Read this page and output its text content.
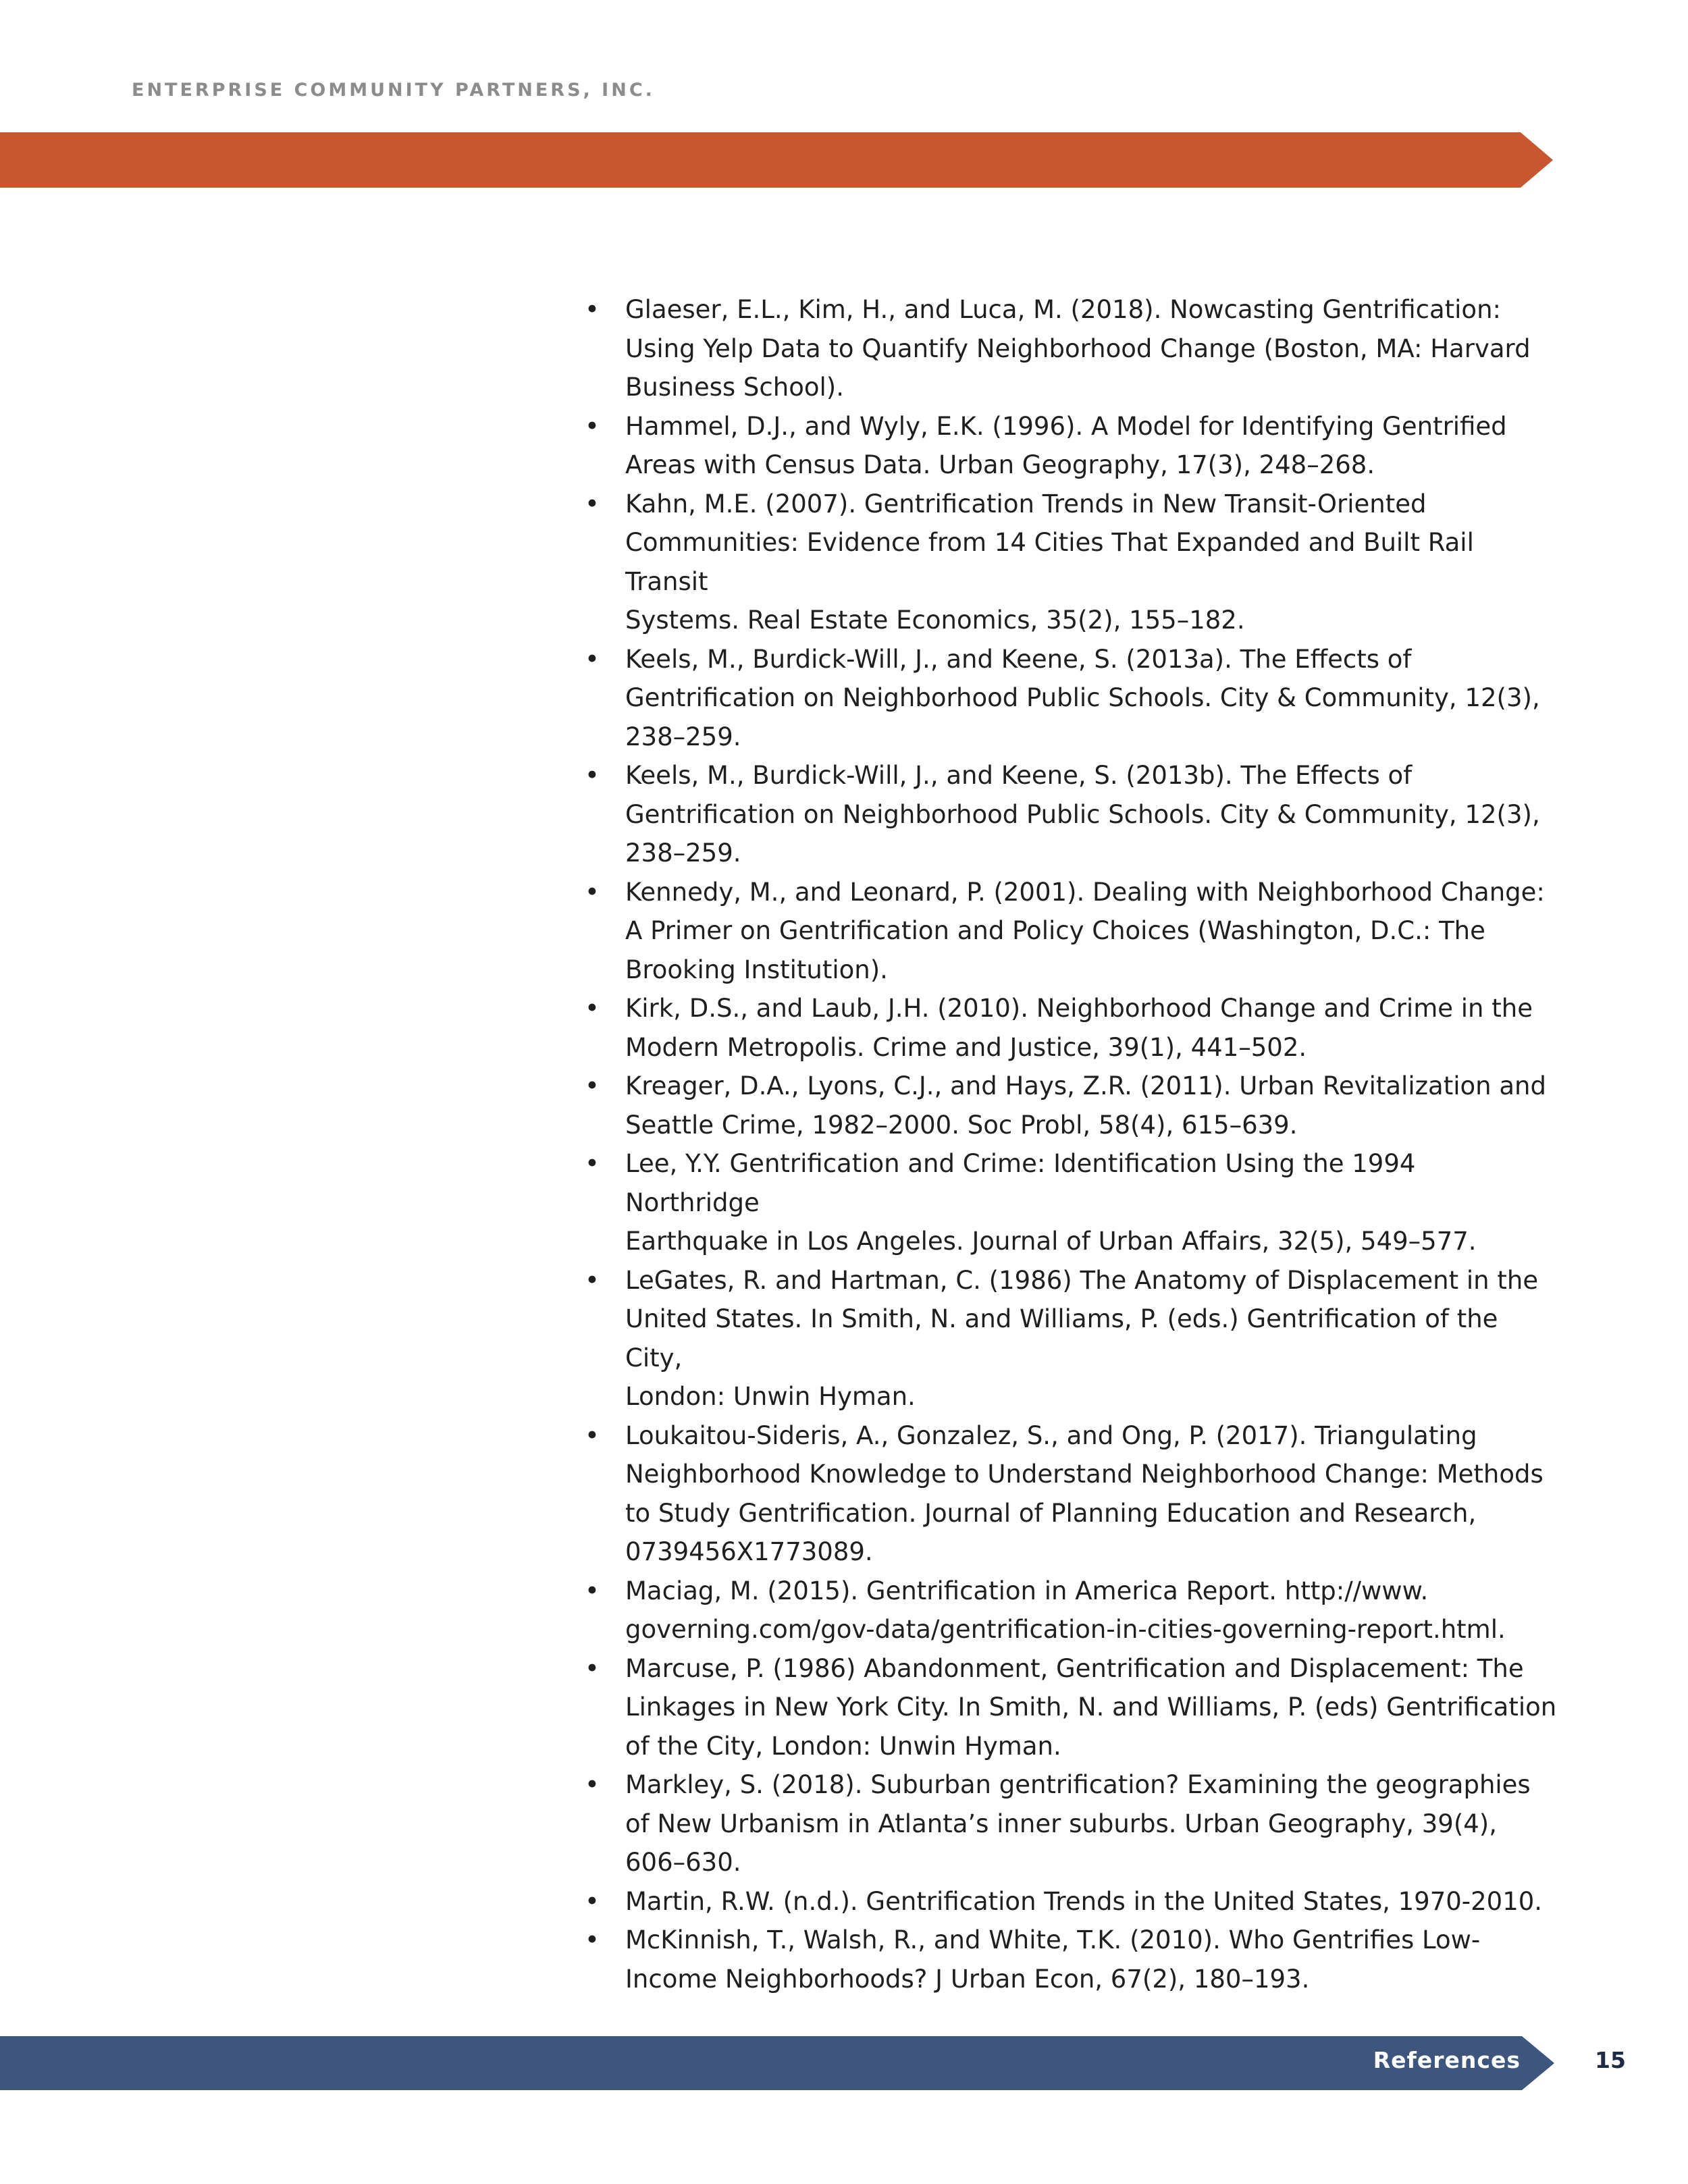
ENTERPRISE COMMUNITY PARTNERS, INC.
• Glaeser, E.L., Kim, H., and Luca, M. (2018). Nowcasting Gentrification:
Using Yelp Data to Quantify Neighborhood Change (Boston, MA: Harvard
Business School).
• Hammel, D.J., and Wyly, E.K. (1996). A Model for Identifying Gentrified
Areas with Census Data. Urban Geography, 17(3), 248–268.
• Kahn, M.E. (2007). Gentrification Trends in New Transit-Oriented
Communities: Evidence from 14 Cities That Expanded and Built Rail Transit
Systems. Real Estate Economics, 35(2), 155–182.
• Keels, M., Burdick-Will, J., and Keene, S. (2013a). The Effects of
Gentrification on Neighborhood Public Schools. City & Community, 12(3),
238–259.
• Keels, M., Burdick-Will, J., and Keene, S. (2013b). The Effects of
Gentrification on Neighborhood Public Schools. City & Community, 12(3),
238–259.
• Kennedy, M., and Leonard, P. (2001). Dealing with Neighborhood Change:
A Primer on Gentrification and Policy Choices (Washington, D.C.: The
Brooking Institution).
• Kirk, D.S., and Laub, J.H. (2010). Neighborhood Change and Crime in the
Modern Metropolis. Crime and Justice, 39(1), 441–502.
• Kreager, D.A., Lyons, C.J., and Hays, Z.R. (2011). Urban Revitalization and
Seattle Crime, 1982–2000. Soc Probl, 58(4), 615–639.
• Lee, Y.Y. Gentrification and Crime: Identification Using the 1994 Northridge
Earthquake in Los Angeles. Journal of Urban Affairs, 32(5), 549–577.
• LeGates, R. and Hartman, C. (1986) The Anatomy of Displacement in the
United States. In Smith, N. and Williams, P. (eds.) Gentrification of the City,
London: Unwin Hyman.
• Loukaitou-Sideris, A., Gonzalez, S., and Ong, P. (2017). Triangulating
Neighborhood Knowledge to Understand Neighborhood Change: Methods
to Study Gentrification. Journal of Planning Education and Research,
0739456X1773089.
• Maciag, M. (2015). Gentrification in America Report. http://www.
governing.com/gov-data/gentrification-in-cities-governing-report.html.
• Marcuse, P. (1986) Abandonment, Gentrification and Displacement: The
Linkages in New York City. In Smith, N. and Williams, P. (eds) Gentrification
of the City, London: Unwin Hyman.
• Markley, S. (2018). Suburban gentrification? Examining the geographies
of New Urbanism in Atlanta’s inner suburbs. Urban Geography, 39(4),
606–630.
• Martin, R.W. (n.d.). Gentrification Trends in the United States, 1970-2010.
• McKinnish, T., Walsh, R., and White, T.K. (2010). Who Gentrifies Low-
Income Neighborhoods? J Urban Econ, 67(2), 180–193.
References	15
